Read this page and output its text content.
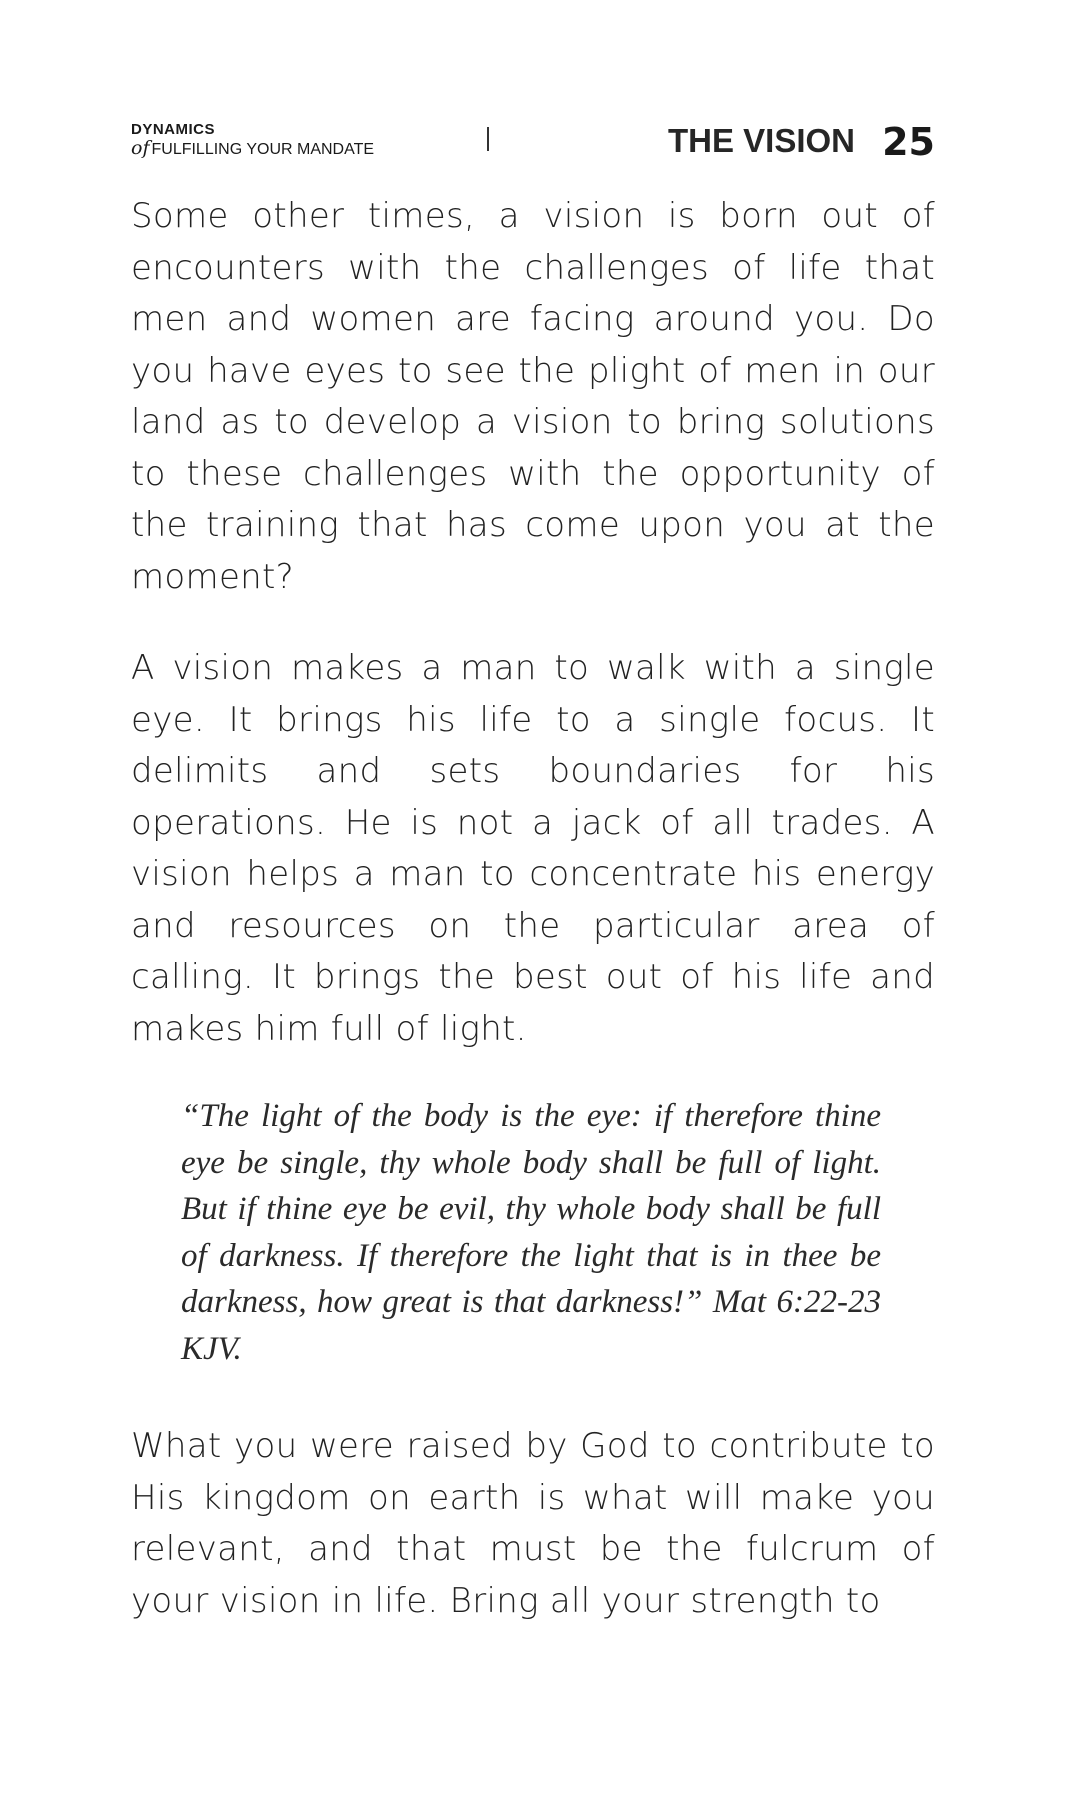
DYNAMICS
of FULFILLING YOUR MANDATE	THE VISION 25

Some other times, a vision is born out of encounters with the challenges of life that men and women are facing around you. Do you have eyes to see the plight of men in our land as to develop a vision to bring solutions to these challenges with the opportunity of the training that has come upon you at the moment?

A vision makes a man to walk with a single eye. It brings his life to a single focus. It delimits and sets boundaries for his operations. He is not a jack of all trades. A vision helps a man to concentrate his energy and resources on the particular area of calling. It brings the best out of his life and makes him full of light.

“The light of the body is the eye: if therefore thine eye be single, thy whole body shall be full of light. But if thine eye be evil, thy whole body shall be full of darkness. If therefore the light that is in thee be darkness, how great is that darkness!” Mat 6:22-23 KJV.

What you were raised by God to contribute to His kingdom on earth is what will make you relevant, and that must be the fulcrum of your vision in life. Bring all your strength to
